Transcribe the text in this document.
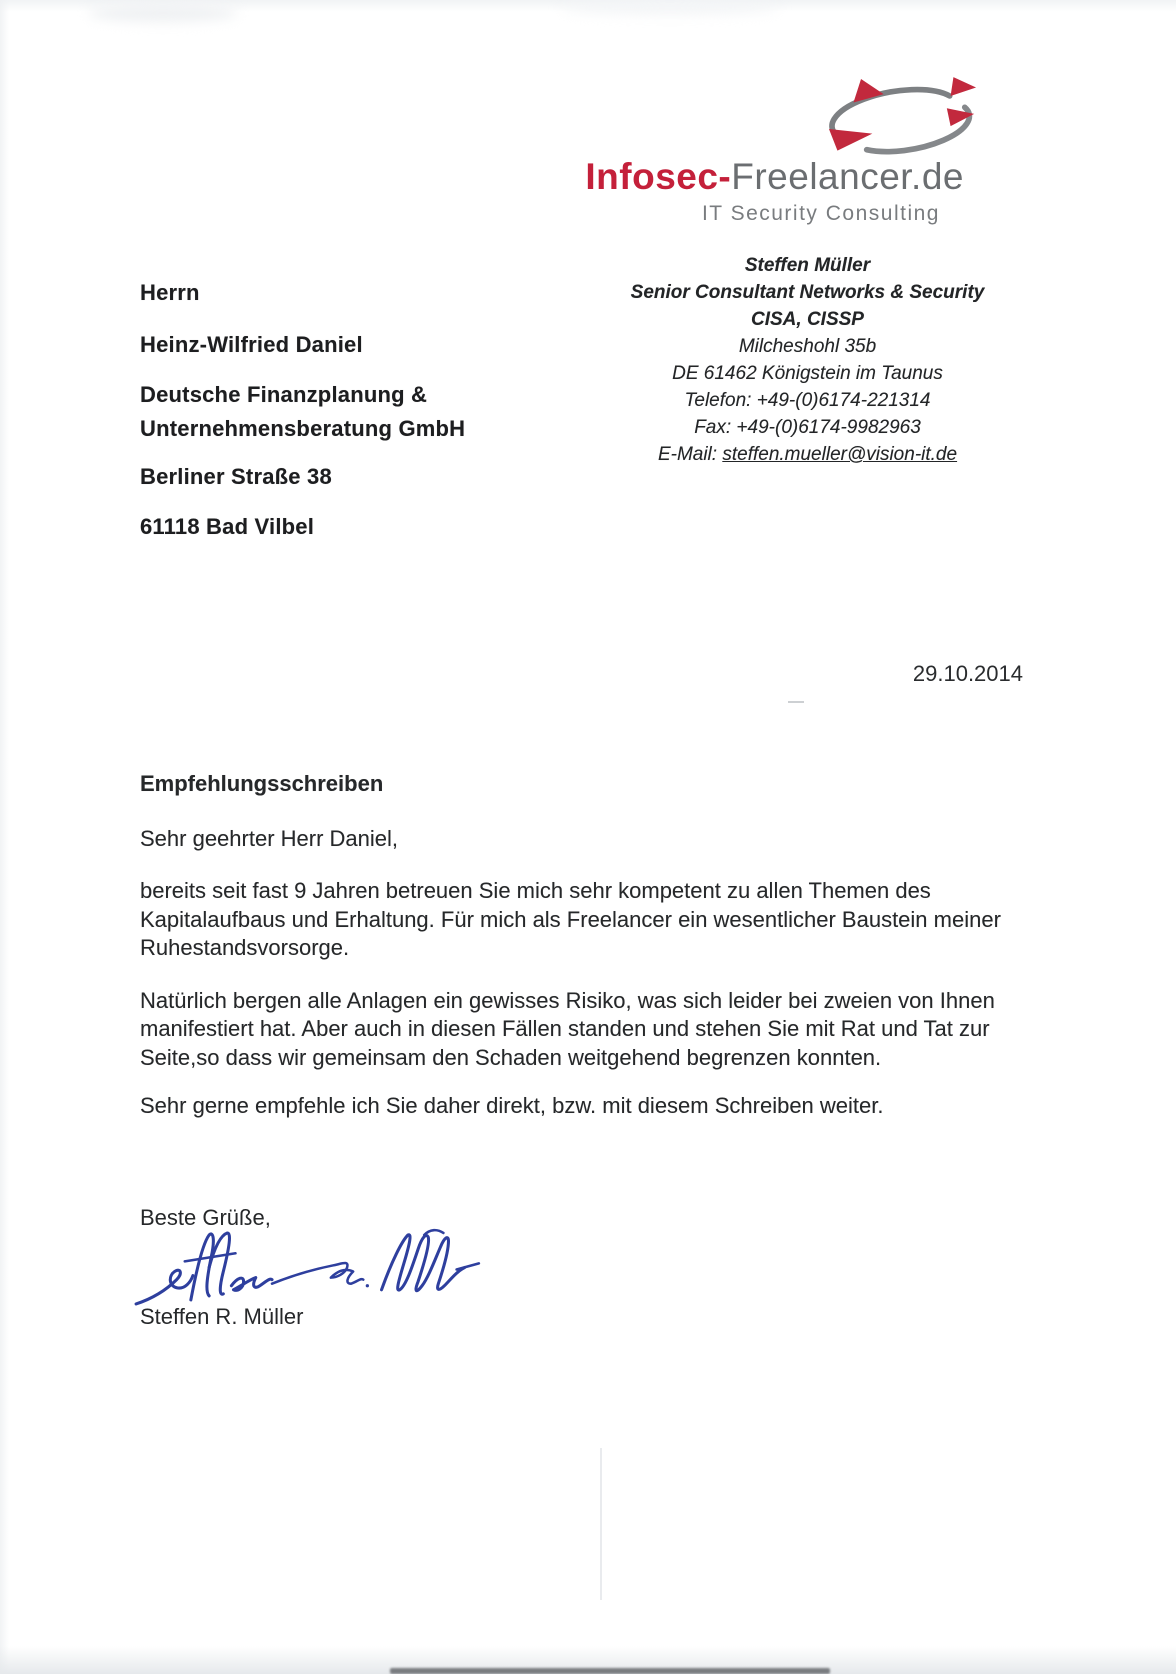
Infosec-Freelancer.de
IT Security Consulting
Steffen Müller
Senior Consultant Networks & Security
CISA, CISSP
Milcheshohl 35b
DE 61462 Königstein im Taunus
Telefon: +49-(0)6174-221314
Fax: +49-(0)6174-9982963
E-Mail: steffen.mueller@vision-it.de
Herrn
Heinz-Wilfried Daniel
Deutsche Finanzplanung &
Unternehmensberatung GmbH
Berliner Straße 38
61118 Bad Vilbel
29.10.2014
Empfehlungsschreiben
Sehr geehrter Herr Daniel,

bereits seit fast 9 Jahren betreuen Sie mich sehr kompetent zu allen Themen des Kapitalaufbaus und Erhaltung. Für mich als Freelancer ein wesentlicher Baustein meiner Ruhestandsvorsorge.

Natürlich bergen alle Anlagen ein gewisses Risiko, was sich leider bei zweien von Ihnen manifestiert hat. Aber auch in diesen Fällen standen und stehen Sie mit Rat und Tat zur Seite,so dass wir gemeinsam den Schaden weitgehend begrenzen konnten.

Sehr gerne empfehle ich Sie daher direkt, bzw. mit diesem Schreiben weiter.

Beste Grüße,
Steffen R. Müller
